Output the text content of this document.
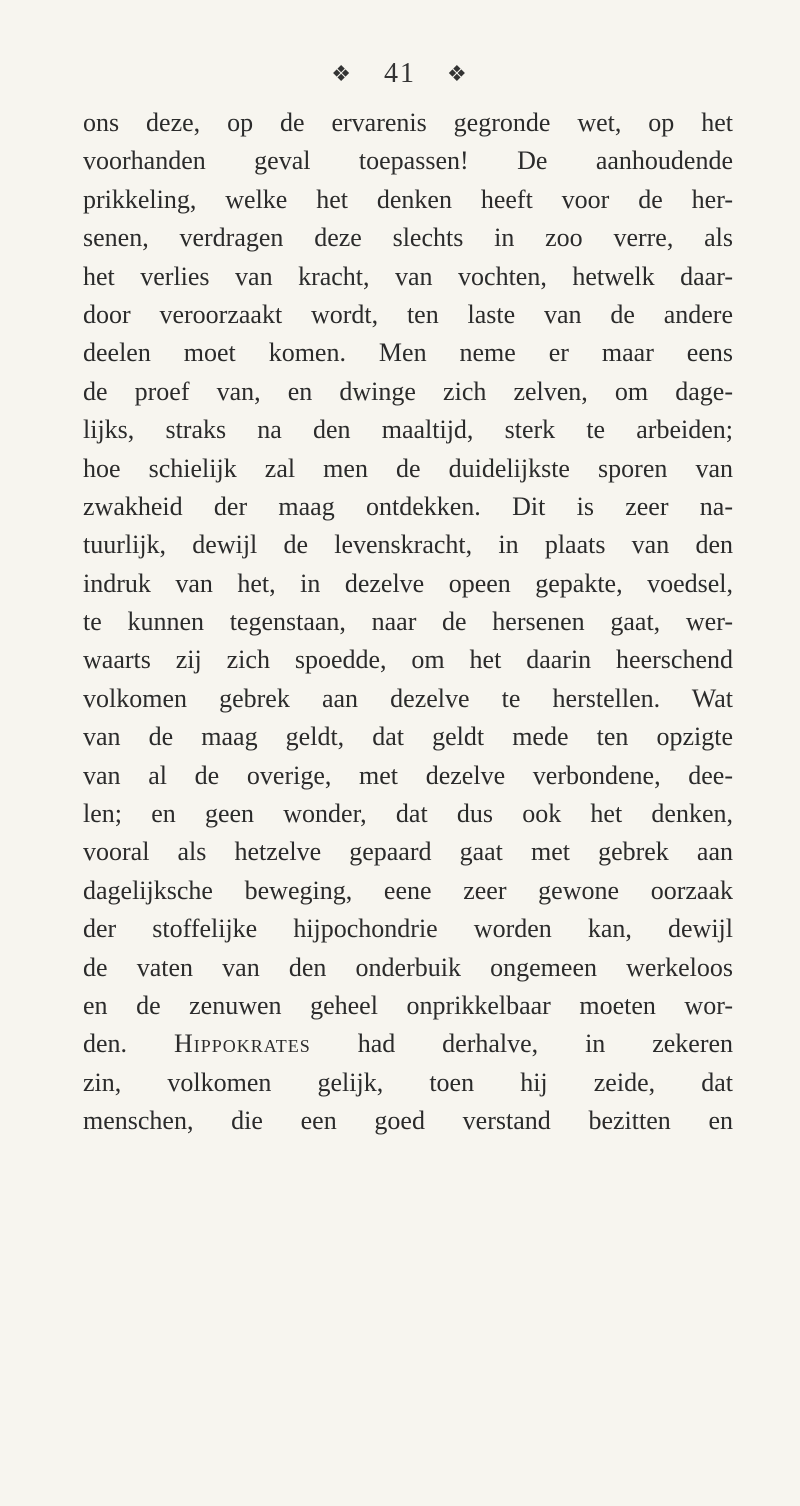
❖ 41 ❖
ons deze, op de ervarenis gegronde wet, op het
voorhanden geval toepassen! De aanhoudende
prikkeling, welke het denken heeft voor de her-
senen, verdragen deze slechts in zoo verre, als
het verlies van kracht, van vochten, hetwelk daar-
door veroorzaakt wordt, ten laste van de andere
deelen moet komen. Men neme er maar eens
de proef van, en dwinge zich zelven, om dage-
lijks, straks na den maaltijd, sterk te arbeiden;
hoe schielijk zal men de duidelijkste sporen van
zwakheid der maag ontdekken. Dit is zeer na-
tuurlijk, dewijl de levenskracht, in plaats van den
indruk van het, in dezelve opeen gepakte, voedsel,
te kunnen tegenstaan, naar de hersenen gaat, wer-
waarts zij zich spoedde, om het daarin heerschend
volkomen gebrek aan dezelve te herstellen. Wat
van de maag geldt, dat geldt mede ten opzigte
van al de overige, met dezelve verbondene, dee-
len; en geen wonder, dat dus ook het denken,
vooral als hetzelve gepaard gaat met gebrek aan
dagelijksche beweging, eene zeer gewone oorzaak
der stoffelijke hijpochondrie worden kan, dewijl
de vaten van den onderbuik ongemeen werkeloos
en de zenuwen geheel onprikkelbaar moeten wor-
den. Hippokrates had derhalve, in zekeren
zin, volkomen gelijk, toen hij zeide, dat
menschen, die een goed verstand bezitten en
